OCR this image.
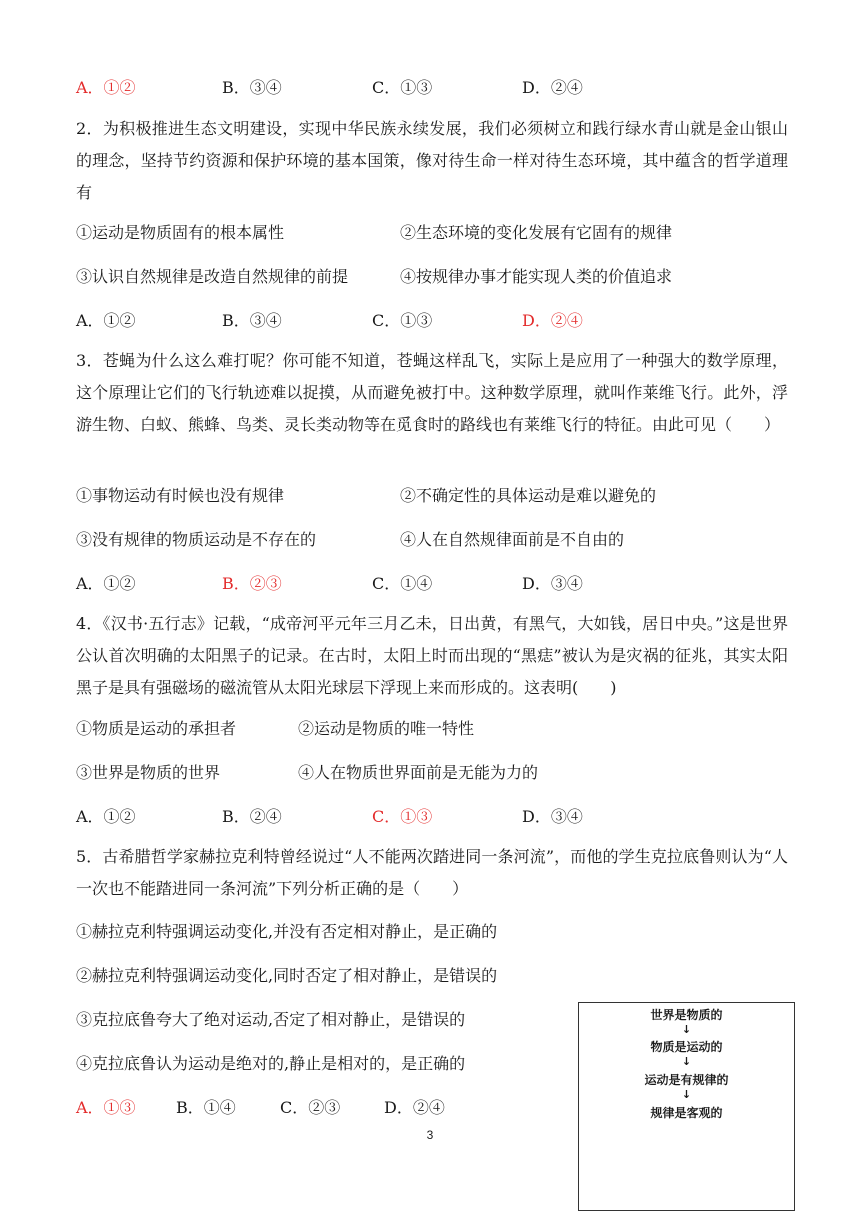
A．①②	B．③④	C．①③	D．②④
2．为积极推进生态文明建设，实现中华民族永续发展，我们必须树立和践行绿水青山就是金山银山的理念，坚持节约资源和保护环境的基本国策，像对待生命一样对待生态环境，其中蕴含的哲学道理有
①运动是物质固有的根本属性	②生态环境的变化发展有它固有的规律
③认识自然规律是改造自然规律的前提	④按规律办事才能实现人类的价值追求
A．①②	B．③④	C．①③	D．②④
3．苍蝇为什么这么难打呢？你可能不知道，苍蝇这样乱飞，实际上是应用了一种强大的数学原理，这个原理让它们的飞行轨迹难以捉摸，从而避免被打中。这种数学原理，就叫作莱维飞行。此外，浮游生物、白蚁、熊蜂、鸟类、灵长类动物等在觅食时的路线也有莱维飞行的特征。由此可见（　　）
①事物运动有时候也没有规律	②不确定性的具体运动是难以避免的
③没有规律的物质运动是不存在的	④人在自然规律面前是不自由的
A．①②	B．②③	C．①④	D．③④
4．《汉书·五行志》记载，“成帝河平元年三月乙未，日出黄，有黑气，大如钱，居日中央。”这是世界公认首次明确的太阳黑子的记录。在古时，太阳上时而出现的“黑痣”被认为是灾祸的征兆，其实太阳黑子是具有强磁场的磁流管从太阳光球层下浮现上来而形成的。这表明(　　)
①物质是运动的承担者	②运动是物质的唯一特性
③世界是物质的世界	④人在物质世界面前是无能为力的
A．①②	B．②④	C．①③	D．③④
5．古希腊哲学家赫拉克利特曾经说过“人不能两次踏进同一条河流”，而他的学生克拉底鲁则认为“人一次也不能踏进同一条河流”下列分析正确的是（　　）
①赫拉克利特强调运动变化,并没有否定相对静止，是正确的
②赫拉克利特强调运动变化,同时否定了相对静止，是错误的
③克拉底鲁夸大了绝对运动,否定了相对静止，是错误的
④克拉底鲁认为运动是绝对的,静止是相对的，是正确的
A．①③	B．①④	C．②③	D．②④
3
世界是物质的
↓
物质是运动的
↓
运动是有规律的
↓
规律是客观的
